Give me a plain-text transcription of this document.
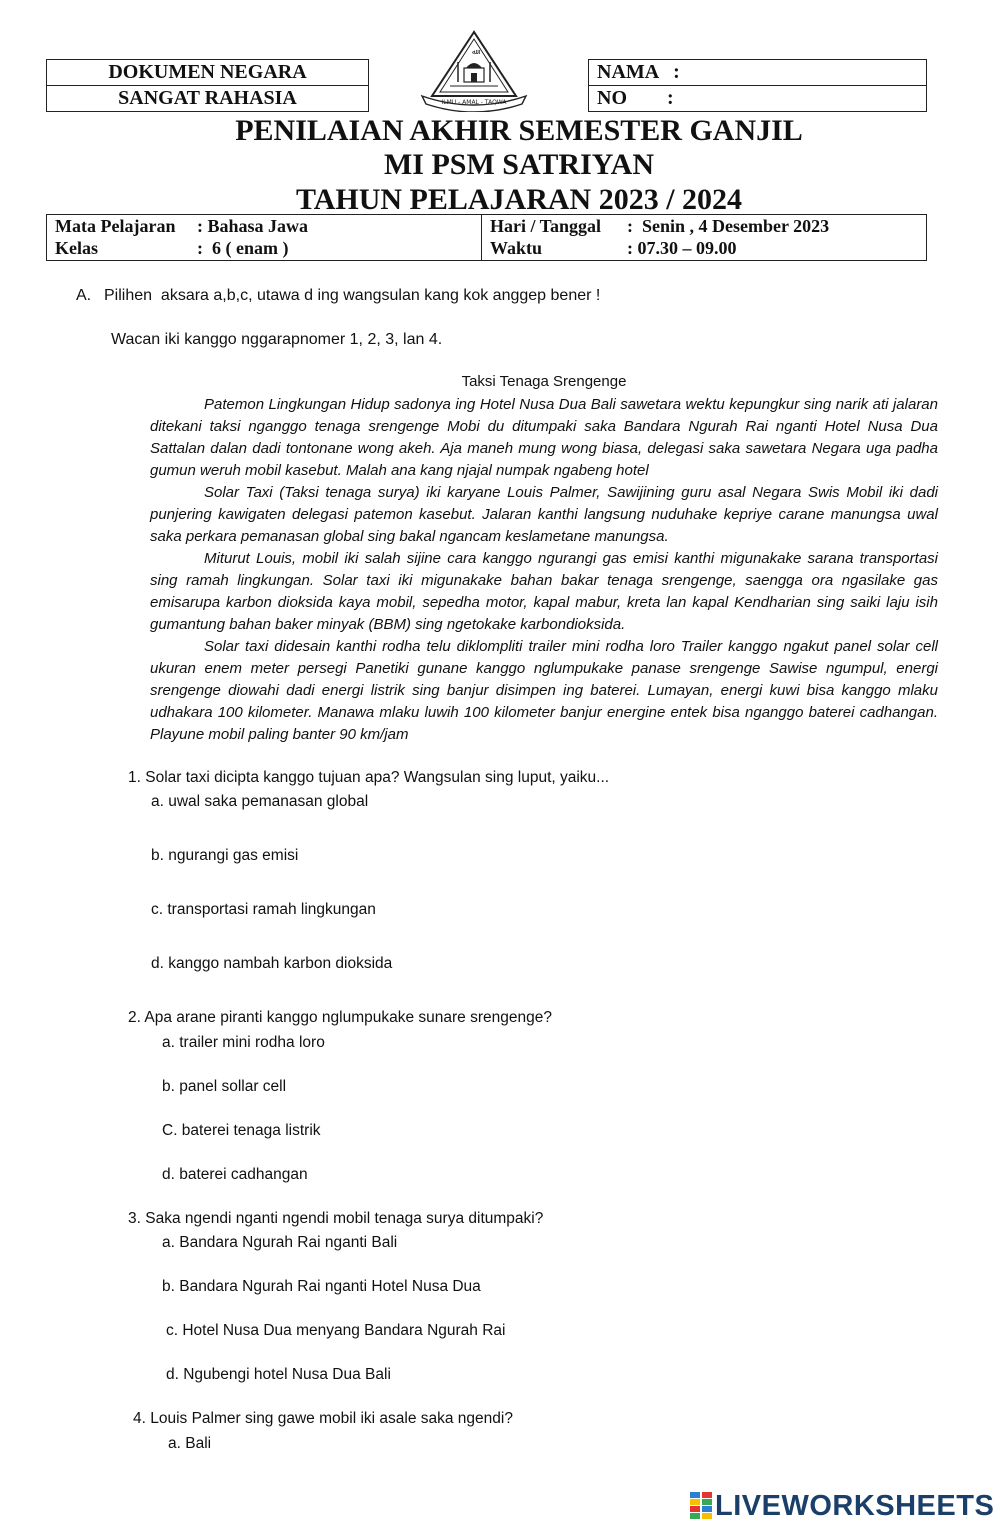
DOKUMEN NEGARA
SANGAT RAHASIA
NAMA   :
NO        :
ﷲ
ILMU - AMAL - TAQWA
PENILAIAN AKHIR SEMESTER GANJIL
MI PSM SATRIYAN
TAHUN PELAJARAN 2023 / 2024
Mata Pelajaran : Bahasa Jawa
Kelas	:  6 ( enam )
Hari / Tanggal :  Senin , 4 Desember 2023
Waktu	: 07.30 – 09.00
A. Pilihen  aksara a,b,c, utawa d ing wangsulan kang kok anggep bener !
Wacan iki kanggo nggarapnomer 1, 2, 3, lan 4.
Taksi Tenaga Srengenge

Patemon Lingkungan Hidup sadonya ing Hotel Nusa Dua Bali sawetara wektu kepungkur sing narik ati jalaran ditekani taksi nganggo tenaga srengenge Mobi du ditumpaki saka Bandara Ngurah Rai nganti Hotel Nusa Dua Sattalan dalan dadi tontonane wong akeh. Aja maneh mung wong biasa, delegasi saka sawetara Negara uga padha gumun weruh mobil kasebut. Malah ana kang njajal numpak ngabeng hotel

Solar Taxi (Taksi tenaga surya) iki karyane Louis Palmer, Sawijining guru asal Negara Swis Mobil iki dadi punjering kawigaten delegasi patemon kasebut. Jalaran kanthi langsung nuduhake kepriye carane manungsa uwal saka perkara pemanasan global sing bakal ngancam keslametane manungsa.

Miturut Louis, mobil iki salah sijine cara kanggo ngurangi gas emisi kanthi migunakake sarana transportasi sing ramah lingkungan. Solar taxi iki migunakake bahan bakar tenaga srengenge, saengga ora ngasilake gas emisarupa karbon dioksida kaya mobil, sepedha motor, kapal mabur, kreta lan kapal Kendharian sing saiki laju isih gumantung bahan baker minyak (BBM) sing ngetokake karbondioksida.

Solar taxi didesain kanthi rodha telu diklompliti trailer mini rodha loro Trailer kanggo ngakut panel solar cell ukuran enem meter persegi Panetiki gunane kanggo nglumpukake panase srengenge Sawise ngumpul, energi srengenge diowahi dadi energi listrik sing banjur disimpen ing baterei. Lumayan, energi kuwi bisa kanggo mlaku udhakara 100 kilometer. Manawa mlaku luwih 100 kilometer banjur energine entek bisa nganggo baterei cadhangan. Playune mobil paling banter 90 km/jam

1. Solar taxi dicipta kanggo tujuan apa? Wangsulan sing luput, yaiku...
a. uwal saka pemanasan global
b. ngurangi gas emisi
c. transportasi ramah lingkungan
d. kanggo nambah karbon dioksida
2. Apa arane piranti kanggo nglumpukake sunare srengenge?
a. trailer mini rodha loro
b. panel sollar cell
C. baterei tenaga listrik
d. baterei cadhangan
3. Saka ngendi nganti ngendi mobil tenaga surya ditumpaki?
a. Bandara Ngurah Rai nganti Bali
b. Bandara Ngurah Rai nganti Hotel Nusa Dua
c. Hotel Nusa Dua menyang Bandara Ngurah Rai
d. Ngubengi hotel Nusa Dua Bali
4. Louis Palmer sing gawe mobil iki asale saka ngendi?
a. Bali
LIVEWORKSHEETS
